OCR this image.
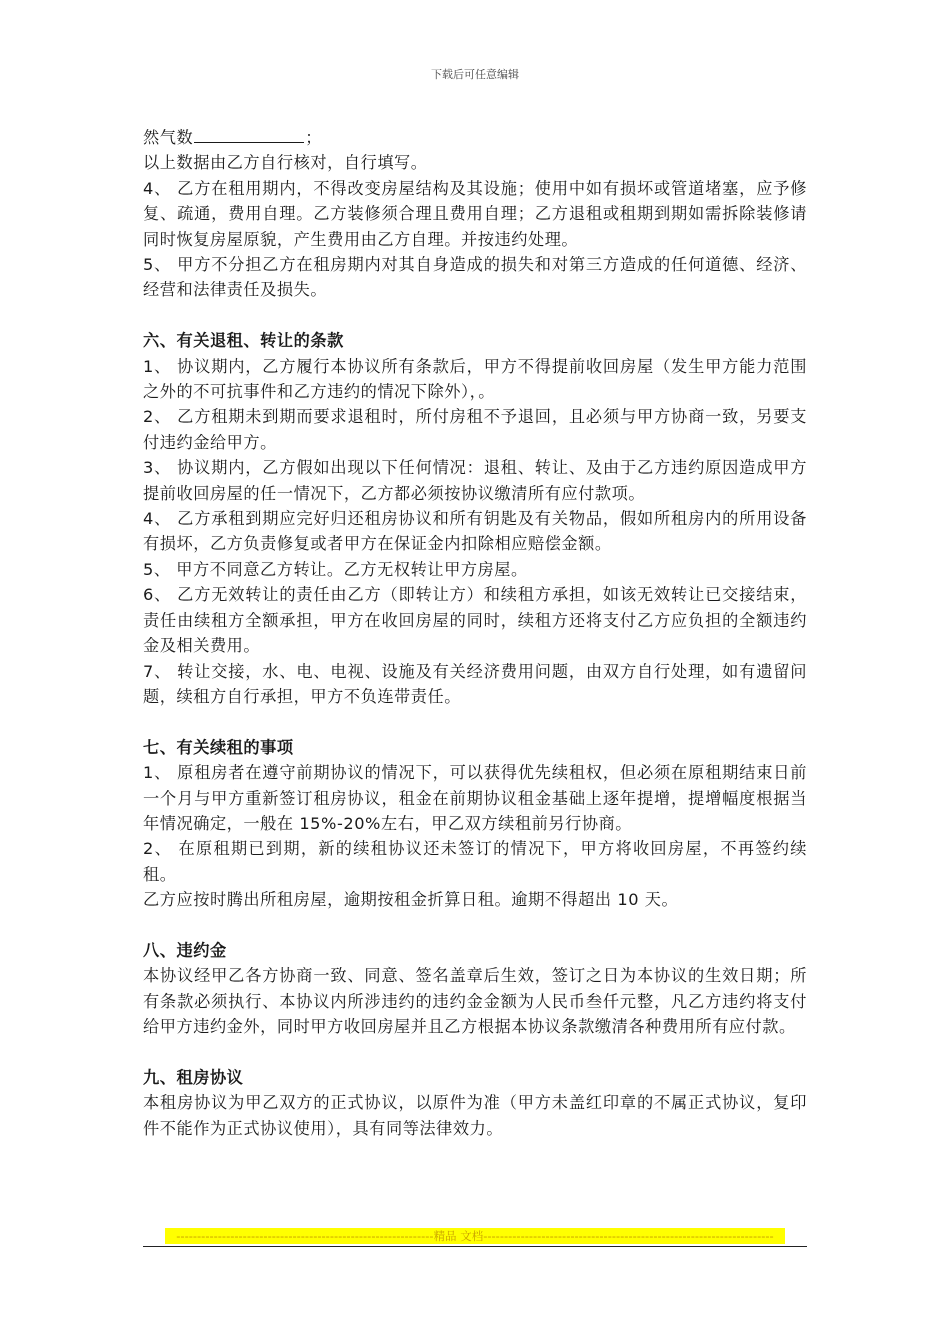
下载后可任意编辑

然气数	；

以上数据由乙方自行核对，自行填写。

4、 乙方在租用期内，不得改变房屋结构及其设施；使用中如有损坏或管道堵塞，应予修复、疏通，费用自理。乙方装修须合理且费用自理；乙方退租或租期到期如需拆除装修请同时恢复房屋原貌，产生费用由乙方自理。并按违约处理。

5、 甲方不分担乙方在租房期内对其自身造成的损失和对第三方造成的任何道德、经济、经营和法律责任及损失。

六、有关退租、转让的条款

1、 协议期内，乙方履行本协议所有条款后，甲方不得提前收回房屋（发生甲方能力范围之外的不可抗事件和乙方违约的情况下除外），。

2、 乙方租期未到期而要求退租时，所付房租不予退回，且必须与甲方协商一致，另要支付违约金给甲方。

3、 协议期内，乙方假如出现以下任何情况：退租、转让、及由于乙方违约原因造成甲方提前收回房屋的任一情况下，乙方都必须按协议缴清所有应付款项。

4、 乙方承租到期应完好归还租房协议和所有钥匙及有关物品，假如所租房内的所用设备有损坏，乙方负责修复或者甲方在保证金内扣除相应赔偿金额。

5、 甲方不同意乙方转让。乙方无权转让甲方房屋。

6、 乙方无效转让的责任由乙方（即转让方）和续租方承担，如该无效转让已交接结束，责任由续租方全额承担，甲方在收回房屋的同时，续租方还将支付乙方应负担的全额违约金及相关费用。

7、 转让交接，水、电、电视、设施及有关经济费用问题，由双方自行处理，如有遗留问题，续租方自行承担，甲方不负连带责任。

七、有关续租的事项

1、 原租房者在遵守前期协议的情况下，可以获得优先续租权，但必须在原租期结束日前一个月与甲方重新签订租房协议，租金在前期协议租金基础上逐年提增，提增幅度根据当年情况确定，一般在 15%-20%左右，甲乙双方续租前另行协商。

2、 在原租期已到期，新的续租协议还未签订的情况下，甲方将收回房屋，不再签约续租。

乙方应按时腾出所租房屋，逾期按租金折算日租。逾期不得超出 10 天。

八、违约金

本协议经甲乙各方协商一致、同意、签名盖章后生效，签订之日为本协议的生效日期；所有条款必须执行、本协议内所涉违约的违约金金额为人民币叁仟元整，凡乙方违约将支付给甲方违约金外，同时甲方收回房屋并且乙方根据本协议条款缴清各种费用所有应付款。

九、租房协议

本租房协议为甲乙双方的正式协议，以原件为准（甲方未盖红印章的不属正式协议，复印件不能作为正式协议使用），具有同等法律效力。

--------------------------------------------------------------精品 文档----------------------------------------------------------------------
